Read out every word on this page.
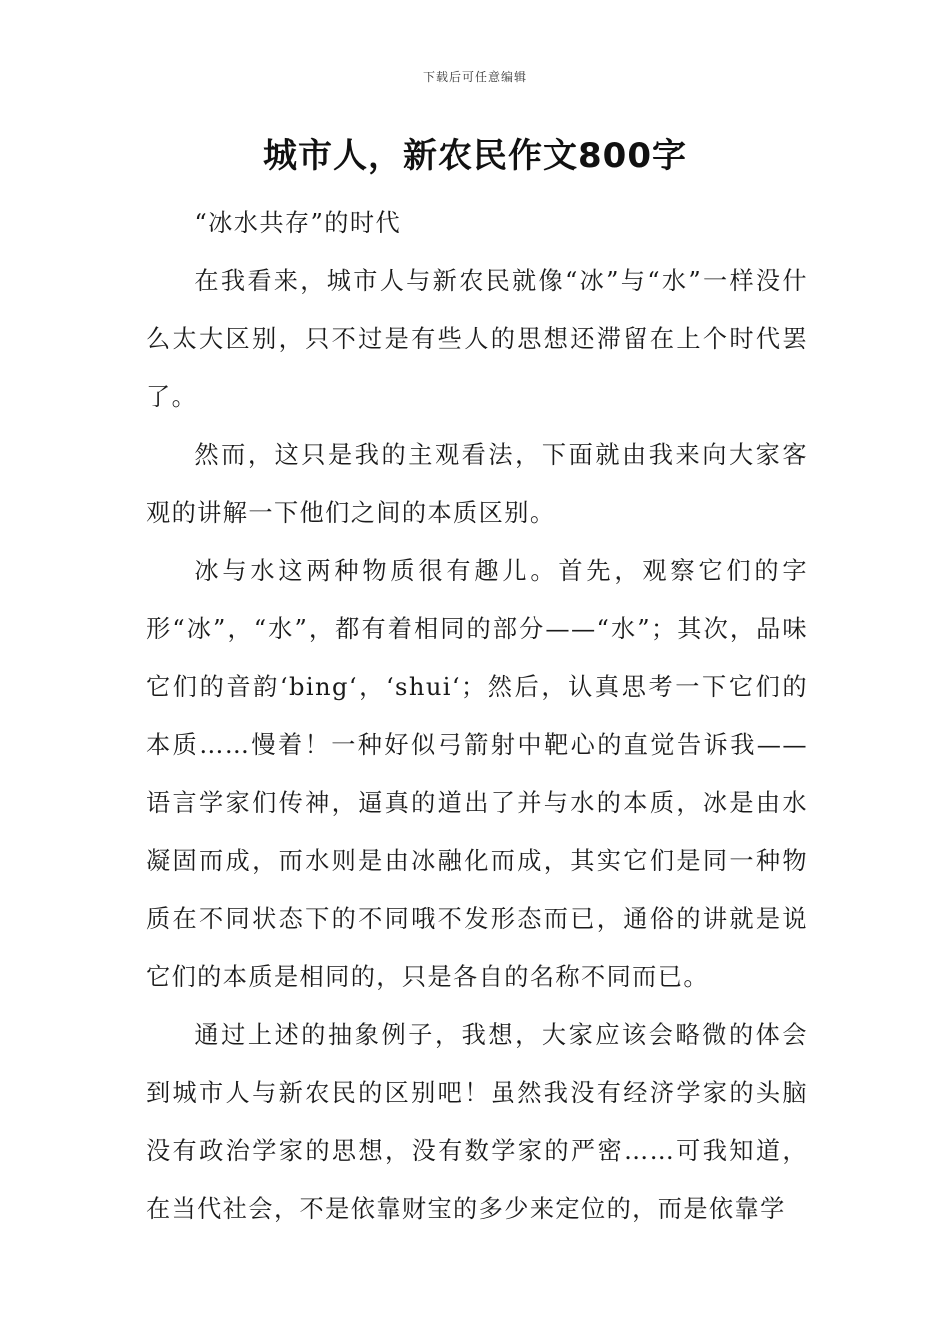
下载后可任意编辑
城市人，新农民作文800字

“冰水共存”的时代

在我看来，城市人与新农民就像“冰”与“水”一样没什么太大区别，只不过是有些人的思想还滞留在上个时代罢了。

然而，这只是我的主观看法，下面就由我来向大家客观的讲解一下他们之间的本质区别。

冰与水这两种物质很有趣儿。首先，观察它们的字形“冰”，“水”，都有着相同的部分——“水”；其次，品味它们的音韵‘bing‘，‘shui‘；然后，认真思考一下它们的本质……慢着！一种好似弓箭射中靶心的直觉告诉我——语言学家们传神，逼真的道出了并与水的本质，冰是由水凝固而成，而水则是由冰融化而成，其实它们是同一种物质在不同状态下的不同哦不发形态而已，通俗的讲就是说它们的本质是相同的，只是各自的名称不同而已。

通过上述的抽象例子，我想，大家应该会略微的体会到城市人与新农民的区别吧！虽然我没有经济学家的头脑没有政治学家的思想，没有数学家的严密……可我知道，在当代社会，不是依靠财宝的多少来定位的，而是依靠学
